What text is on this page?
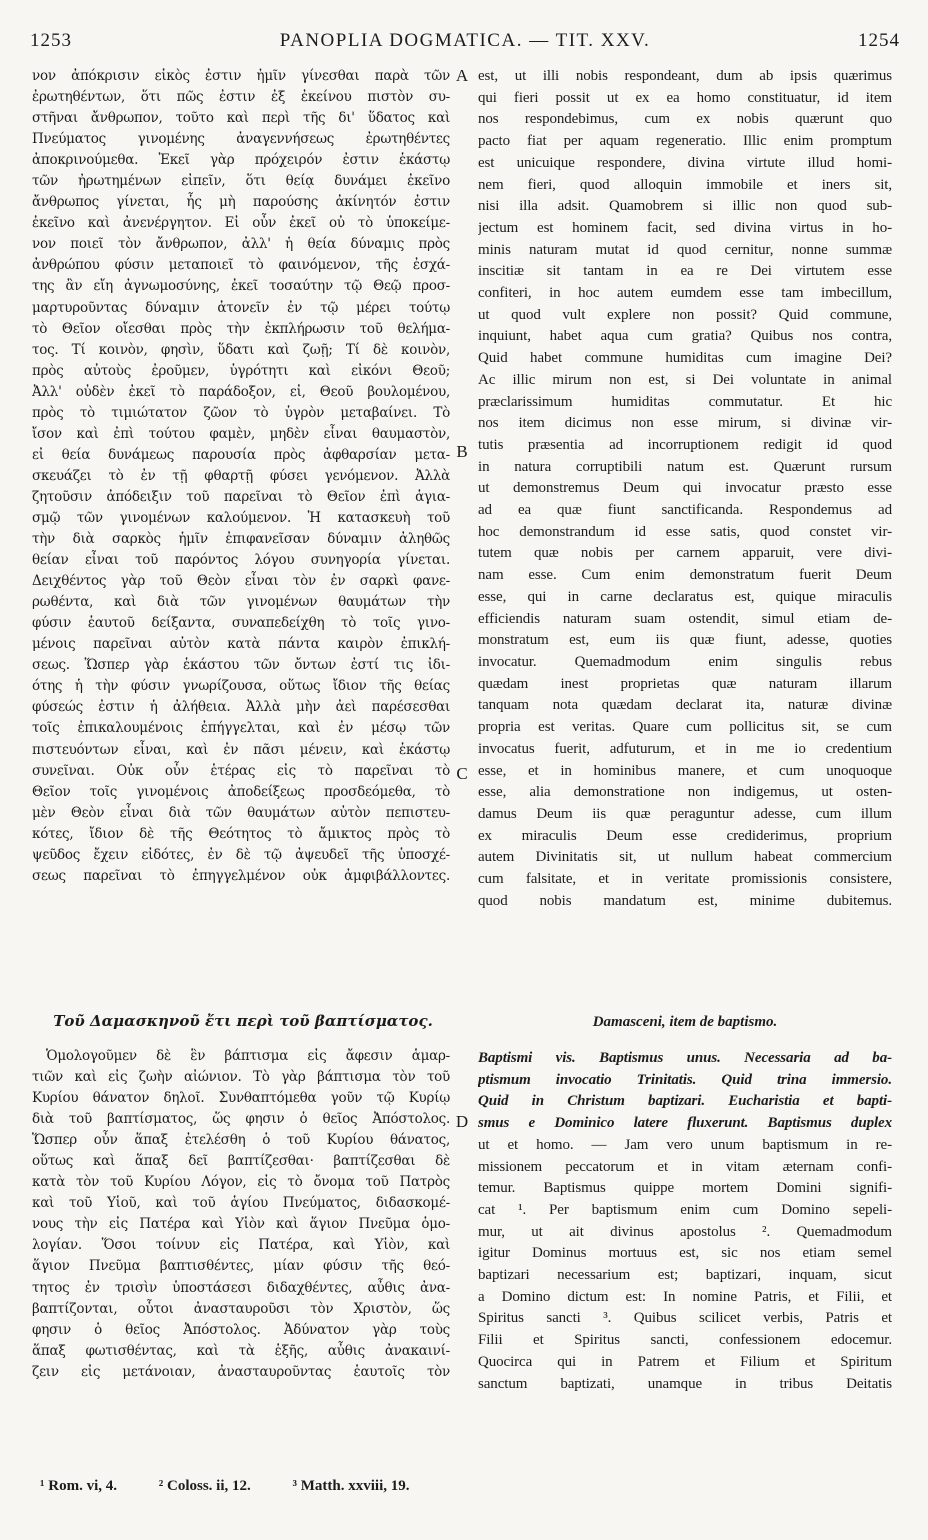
1253	PANOPLIA DOGMATICA. — TIT. XXV.	1254
νον ἀπόκρισιν εἰκὸς ἐστιν ἡμῖν γίνεσθαι παρὰ τῶν
ἐρωτηθέντων, ὅτι πῶς ἐστιν ἐξ ἐκείνου πιστὸν συ-
στῆναι ἄνθρωπον, τοῦτο καὶ περὶ τῆς δι' ὕδατος καὶ
Πνεύματος γινομένης ἀναγεννήσεως ἐρωτηθέντες
ἀποκρινούμεθα. Ἐκεῖ γὰρ πρόχειρόν ἐστιν ἑκάστῳ
τῶν ἠρωτημένων εἰπεῖν, ὅτι θείᾳ δυνάμει ἐκεῖνο
ἄνθρωπος γίνεται, ἧς μὴ παρούσης ἀκίνητόν ἐστιν
ἐκεῖνο καὶ ἀνενέργητον. Εἰ οὖν ἐκεῖ οὐ τὸ ὑποκείμε-
νον ποιεῖ τὸν ἄνθρωπον, ἀλλ' ἡ θεία δύναμις πρὸς
ἀνθρώπου φύσιν μεταποιεῖ τὸ φαινόμενον, τῆς ἐσχά-
της ἂν εἴη ἀγνωμοσύνης, ἐκεῖ τοσαύτην τῷ Θεῷ προσ-
μαρτυροῦντας δύναμιν ἀτονεῖν ἐν τῷ μέρει τούτῳ
τὸ Θεῖον οἴεσθαι πρὸς τὴν ἐκπλήρωσιν τοῦ θελήμα-
τος. Τί κοινὸν, φησὶν, ὕδατι καὶ ζωῇ; Τί δὲ κοινὸν,
πρὸς αὐτοὺς ἐροῦμεν, ὑγρότητι καὶ εἰκόνι Θεοῦ;
Ἀλλ' οὐδὲν ἐκεῖ τὸ παράδοξον, εἰ, Θεοῦ βουλομένου,
πρὸς τὸ τιμιώτατον ζῶον τὸ ὑγρὸν μεταβαίνει. Τὸ
ἴσον καὶ ἐπὶ τούτου φαμὲν, μηδὲν εἶναι θαυμαστὸν,
εἰ θεία δυνάμεως παρουσία πρὸς ἀφθαρσίαν μετα-
σκευάζει τὸ ἐν τῇ φθαρτῇ φύσει γενόμενον. Ἀλλὰ
ζητοῦσιν ἀπόδειξιν τοῦ παρεῖναι τὸ Θεῖον ἐπὶ ἁγια-
σμῷ τῶν γινομένων καλούμενον. Ἡ κατασκευὴ τοῦ
τὴν διὰ σαρκὸς ἡμῖν ἐπιφανεῖσαν δύναμιν ἀληθῶς
θείαν εἶναι τοῦ παρόντος λόγου συνηγορία γίνεται.
Δειχθέντος γὰρ τοῦ Θεὸν εἶναι τὸν ἐν σαρκὶ φανε-
ρωθέντα, καὶ διὰ τῶν γινομένων θαυμάτων τὴν
φύσιν ἑαυτοῦ δείξαντα, συναπεδείχθη τὸ τοῖς γινο-
μένοις παρεῖναι αὐτὸν κατὰ πάντα καιρὸν ἐπικλή-
σεως. Ὥσπερ γὰρ ἑκάστου τῶν ὄντων ἐστί τις ἰδι-
ότης ἡ τὴν φύσιν γνωρίζουσα, οὕτως ἴδιον τῆς θείας
φύσεώς ἐστιν ἡ ἀλήθεια. Ἀλλὰ μὴν ἀεὶ παρέσεσθαι
τοῖς ἐπικαλουμένοις ἐπήγγελται, καὶ ἐν μέσῳ τῶν
πιστευόντων εἶναι, καὶ ἐν πᾶσι μένειν, καὶ ἑκάστῳ
συνεῖναι. Οὐκ οὖν ἑτέρας εἰς τὸ παρεῖναι τὸ
Θεῖον τοῖς γινομένοις ἀποδείξεως προσδεόμεθα, τὸ
μὲν Θεὸν εἶναι διὰ τῶν θαυμάτων αὐτὸν πεπιστευ-
κότες, ἴδιον δὲ τῆς Θεότητος τὸ ἄμικτος πρὸς τὸ
ψεῦδος ἔχειν εἰδότες, ἐν δὲ τῷ ἀψευδεῖ τῆς ὑποσχέ-
σεως παρεῖναι τὸ ἐπηγγελμένον οὐκ ἀμφιβάλλοντες.
est, ut illi nobis respondeant, dum ab ipsis quærimus
qui fieri possit ut ex ea homo constituatur, id item
nos respondebimus, cum ex nobis quærunt quo
pacto fiat per aquam regeneratio. Illic enim promptum
est unicuique respondere, divina virtute illud homi-
nem fieri, quod alloquin immobile et iners sit,
nisi illa adsit. Quamobrem si illic non quod sub-
jectum est hominem facit, sed divina virtus in ho-
minis naturam mutat id quod cernitur, nonne summæ
inscitiæ sit tantam in ea re Dei virtutem esse
confiteri, in hoc autem eumdem esse tam imbecillum,
ut quod vult explere non possit? Quid commune,
inquiunt, habet aqua cum gratia? Quibus nos contra,
Quid habet commune humiditas cum imagine Dei?
Ac illic mirum non est, si Dei voluntate in animal
præclarissimum humiditas commutatur. Et hic
nos item dicimus non esse mirum, si divinæ vir-
tutis præsentia ad incorruptionem redigit id quod
in natura corruptibili natum est. Quærunt rursum
ut demonstremus Deum qui invocatur præsto esse
ad ea quæ fiunt sanctificanda. Respondemus ad
hoc demonstrandum id esse satis, quod constet vir-
tutem quæ nobis per carnem apparuit, vere divi-
nam esse. Cum enim demonstratum fuerit Deum
esse, qui in carne declaratus est, quique miraculis
efficiendis naturam suam ostendit, simul etiam de-
monstratum est, eum iis quæ fiunt, adesse, quoties
invocatur. Quemadmodum enim singulis rebus
quædam inest proprietas quæ naturam illarum
tanquam nota quædam declarat ita, naturæ divinæ
propria est veritas. Quare cum pollicitus sit, se cum
invocatus fuerit, adfuturum, et in me io credentium
esse, et in hominibus manere, et cum unoquoque
esse, alia demonstratione non indigemus, ut osten-
damus Deum iis quæ peraguntur adesse, cum illum
ex miraculis Deum esse crediderimus, proprium
autem Divinitatis sit, ut nullum habeat commercium
cum falsitate, et in veritate promissionis consistere,
quod nobis mandatum est, minime dubitemus.
A
B
C
D
Τοῦ Δαμασκηνοῦ ἔτι περὶ τοῦ βαπτίσματος.	Damasceni, item de baptismo.
Ὁμολογοῦμεν δὲ ἓν βάπτισμα εἰς ἄφεσιν ἁμαρ-
τιῶν καὶ εἰς ζωὴν αἰώνιον. Τὸ γὰρ βάπτισμα τὸν τοῦ
Κυρίου θάνατον δηλοῖ. Συνθαπτόμεθα γοῦν τῷ Κυρίῳ
διὰ τοῦ βαπτίσματος, ὥς φησιν ὁ θεῖος Ἀπόστολος.
Ὥσπερ οὖν ἅπαξ ἐτελέσθη ὁ τοῦ Κυρίου θάνατος,
οὕτως καὶ ἅπαξ δεῖ βαπτίζεσθαι· βαπτίζεσθαι δὲ
κατὰ τὸν τοῦ Κυρίου Λόγον, εἰς τὸ ὄνομα τοῦ Πατρὸς
καὶ τοῦ Υἱοῦ, καὶ τοῦ ἁγίου Πνεύματος, διδασκομέ-
νους τὴν εἰς Πατέρα καὶ Υἱὸν καὶ ἅγιον Πνεῦμα ὁμο-
λογίαν. Ὅσοι τοίνυν εἰς Πατέρα, καὶ Υἱὸν, καὶ
ἅγιον Πνεῦμα βαπτισθέντες, μίαν φύσιν τῆς θεό-
τητος ἐν τρισὶν ὑποστάσεσι διδαχθέντες, αὖθις ἀνα-
βαπτίζονται, οὗτοι ἀνασταυροῦσι τὸν Χριστὸν, ὥς
φησιν ὁ θεῖος Ἀπόστολος. Ἀδύνατον γὰρ τοὺς
ἅπαξ φωτισθέντας, καὶ τὰ ἑξῆς, αὖθις ἀνακαινί-
ζειν εἰς μετάνοιαν, ἀνασταυροῦντας ἑαυτοῖς τὸν
Baptismi vis. Baptismus unus. Necessaria ad ba-
ptismum invocatio Trinitatis. Quid trina immersio.
Quid in Christum baptizari. Eucharistia et bapti-
smus e Dominico latere fluxerunt. Baptismus duplex
ut et homo. — Jam vero unum baptismum in re-
missionem peccatorum et in vitam æternam confi-
temur. Baptismus quippe mortem Domini signifi-
cat ¹. Per baptismum enim cum Domino sepeli-
mur, ut ait divinus apostolus ². Quemadmodum
igitur Dominus mortuus est, sic nos etiam semel
baptizari necessarium est; baptizari, inquam, sicut
a Domino dictum est: In nomine Patris, et Filii, et
Spiritus sancti ³. Quibus scilicet verbis, Patris et
Filii et Spiritus sancti, confessionem edocemur.
Quocirca qui in Patrem et Filium et Spiritum
sanctum baptizati, unamque in tribus Deitatis
¹ Rom. vi, 4.	² Coloss. ii, 12.	³ Matth. xxviii, 19.
